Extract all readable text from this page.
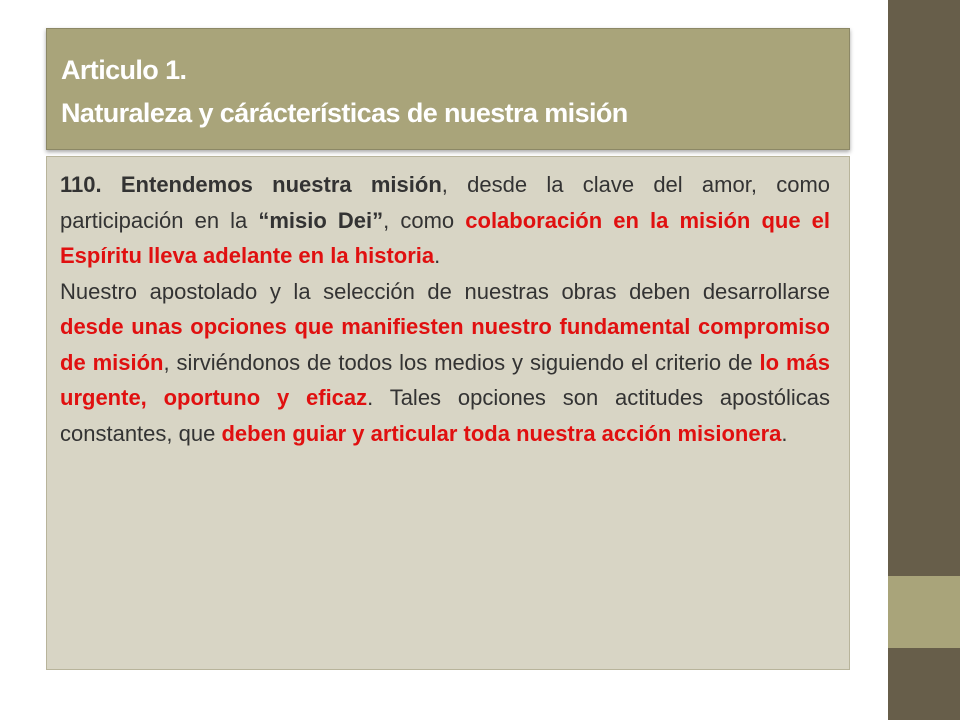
Articulo 1.
Naturaleza y cárácterísticas de nuestra misión

110. Entendemos nuestra misión, desde la clave del amor, como participación en la “misio Dei”, como colaboración en la misión que el Espíritu lleva adelante en la historia.

Nuestro apostolado y la selección de nuestras obras deben desarrollarse desde unas opciones que manifiesten nuestro fundamental compromiso de misión, sirviéndonos de todos los medios y siguiendo el criterio de lo más urgente, oportuno y eficaz. Tales opciones son actitudes apostólicas constantes, que deben guiar y articular toda nuestra acción misionera.
